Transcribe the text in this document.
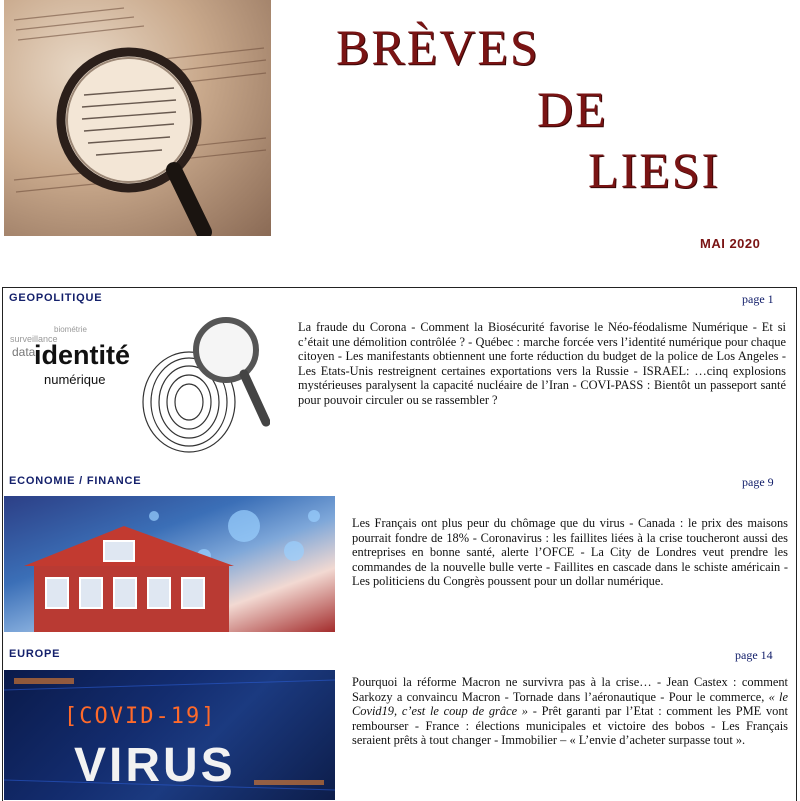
BRÈVES
DE
LIESI
MAI 2020
GEOPOLITIQUE	page 1
surveillance
data
biométrie
identité
numérique
La fraude du Corona - Comment la Biosécurité favorise le Néo-féodalisme Numérique - Et si c’était une démolition contrôlée ? - Québec : marche forcée vers l’identité numérique pour chaque citoyen - Les manifestants obtiennent une forte réduction du budget de la police de Los Angeles - Les Etats-Unis restreignent certaines exportations vers la Russie - ISRAEL: …cinq explosions mystérieuses paralysent la capacité nucléaire de l’Iran - COVI-PASS : Bientôt un passeport santé pour pouvoir circuler ou se rassembler ?
ECONOMIE / FINANCE	page 9
Les Français ont plus peur du chômage que du virus - Canada : le prix des maisons pourrait fondre de 18% - Coronavirus : les faillites liées à la crise toucheront aussi des entreprises en bonne santé, alerte l’OFCE - La City de Londres veut prendre les commandes de la nouvelle bulle verte - Faillites en cascade dans le schiste américain - Les politiciens du Congrès poussent pour un dollar numérique.
EUROPE	page 14
[COVID-19]
VIRUS
Pourquoi la réforme Macron ne survivra pas à la crise… - Jean Castex : comment Sarkozy a convaincu Macron - Tornade dans l’aéronautique - Pour le commerce, « le Covid19, c’est le coup de grâce » - Prêt garanti par l’Etat : comment les PME vont rembourser - France : élections municipales et victoire des bobos - Les Français seraient prêts à tout changer - Immobilier – « L’envie d’acheter surpasse tout ».
